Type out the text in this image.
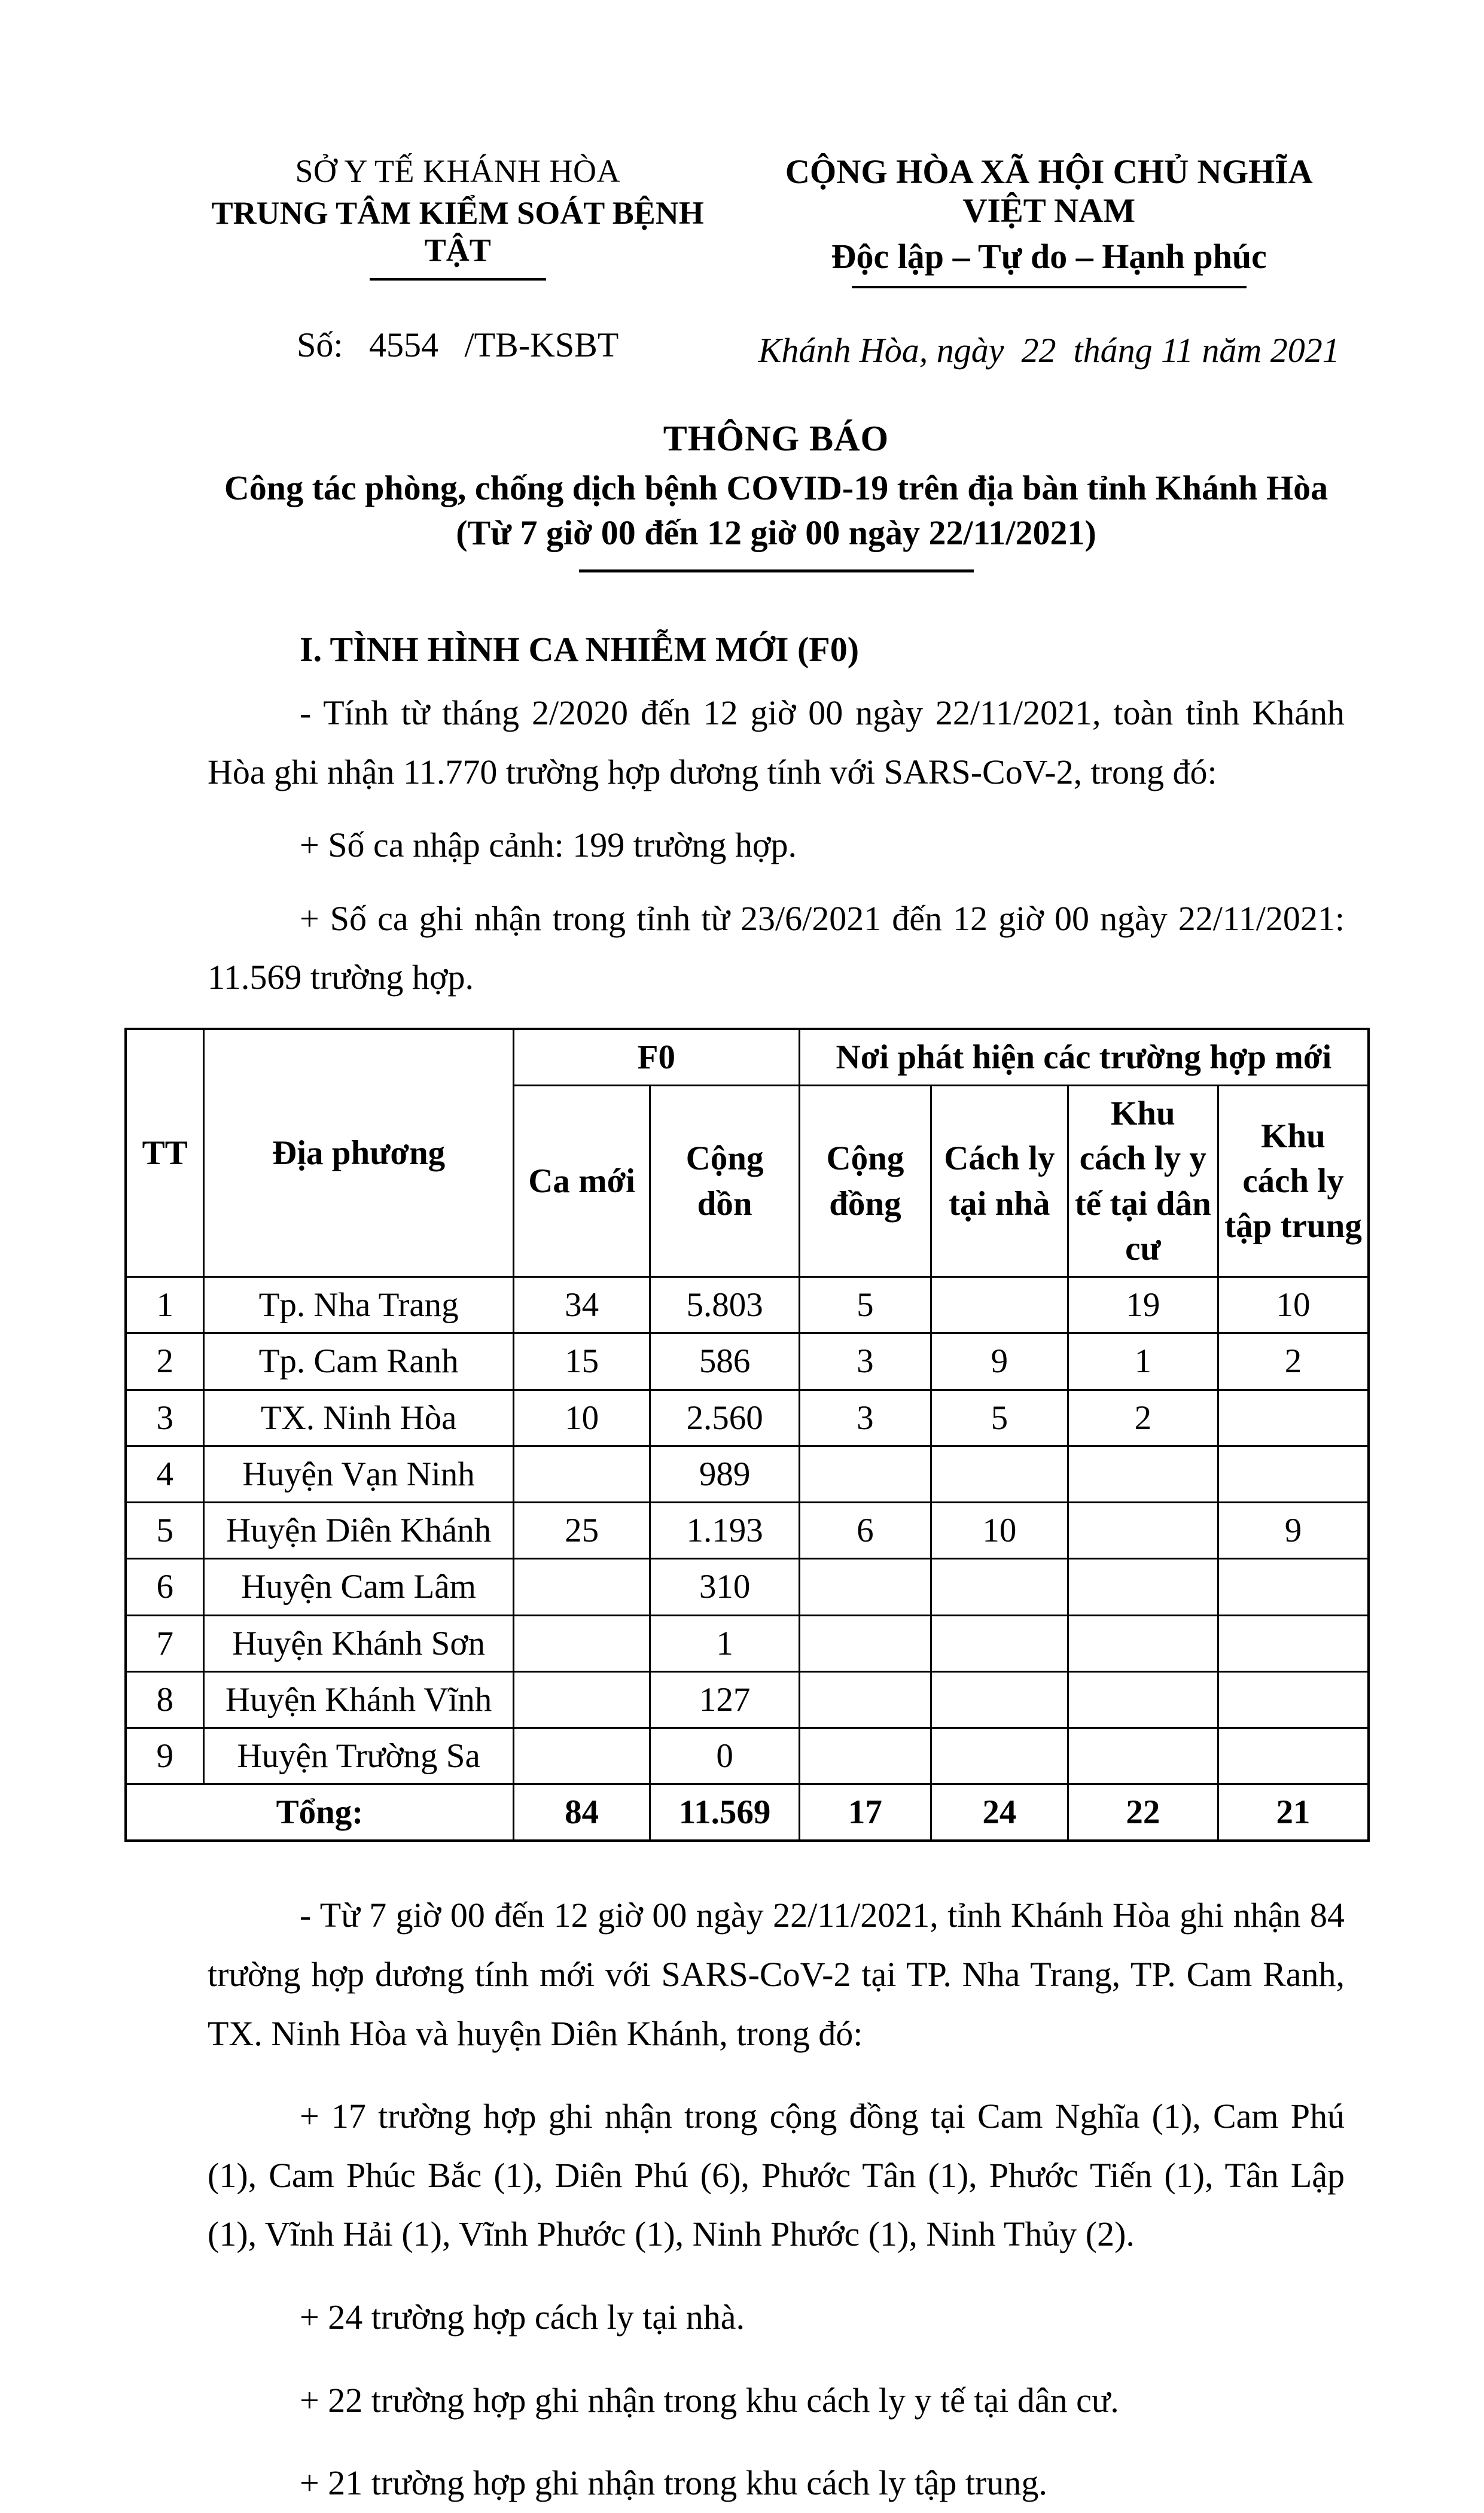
SỞ Y TẾ KHÁNH HÒA
TRUNG TÂM KIỂM SOÁT BỆNH TẬT
Số:   4554   /TB-KSBT
CỘNG HÒA XÃ HỘI CHỦ NGHĨA VIỆT NAM
Độc lập – Tự do – Hạnh phúc
Khánh Hòa, ngày  22  tháng 11 năm 2021
THÔNG BÁO
Công tác phòng, chống dịch bệnh COVID-19 trên địa bàn tỉnh Khánh Hòa
(Từ 7 giờ 00 đến 12 giờ 00 ngày 22/11/2021)
I. TÌNH HÌNH CA NHIỄM MỚI (F0)

- Tính từ tháng 2/2020 đến 12 giờ 00 ngày 22/11/2021, toàn tỉnh Khánh Hòa ghi nhận 11.770 trường hợp dương tính với SARS-CoV-2, trong đó:

+ Số ca nhập cảnh: 199 trường hợp.

+ Số ca ghi nhận trong tỉnh từ 23/6/2021 đến 12 giờ 00 ngày 22/11/2021: 11.569 trường hợp.

TT	Địa phương	F0		Nơi phát hiện các trường hợp mới			
		Ca mới	Cộng dồn	Cộng đồng	Cách ly tại nhà	Khu cách ly y tế tại dân cư	Khu cách ly tập trung
1	Tp. Nha Trang	34	5.803	5		19	10
2	Tp. Cam Ranh	15	586	3	9	1	2
3	TX. Ninh Hòa	10	2.560	3	5	2	
4	Huyện Vạn Ninh		989				
5	Huyện Diên Khánh	25	1.193	6	10		9
6	Huyện Cam Lâm		310				
7	Huyện Khánh Sơn		1				
8	Huyện Khánh Vĩnh		127				
9	Huyện Trường Sa		0				
Tổng:		84	11.569	17	24	22	21

- Từ 7 giờ 00 đến 12 giờ 00 ngày 22/11/2021, tỉnh Khánh Hòa ghi nhận 84 trường hợp dương tính mới với SARS-CoV-2 tại TP. Nha Trang, TP. Cam Ranh, TX. Ninh Hòa và huyện Diên Khánh, trong đó:

+ 17 trường hợp ghi nhận trong cộng đồng tại Cam Nghĩa (1), Cam Phú (1), Cam Phúc Bắc (1), Diên Phú (6), Phước Tân (1), Phước Tiến (1), Tân Lập (1), Vĩnh Hải (1), Vĩnh Phước (1), Ninh Phước (1), Ninh Thủy (2).

+ 24 trường hợp cách ly tại nhà.

+ 22 trường hợp ghi nhận trong khu cách ly y tế tại dân cư.

+ 21 trường hợp ghi nhận trong khu cách ly tập trung.
